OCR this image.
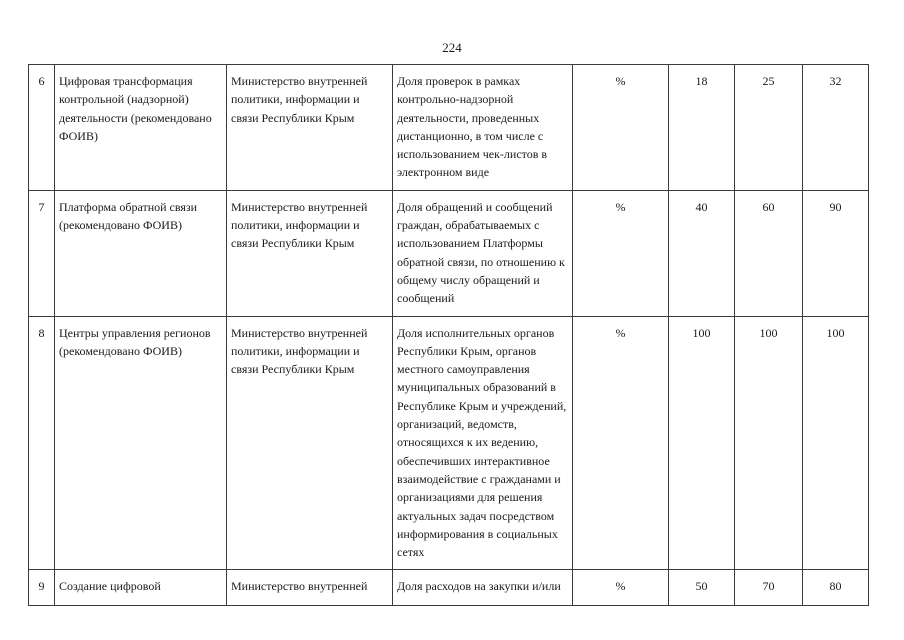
224
6	Цифровая трансформация контрольной (надзорной) деятельности (рекомендовано ФОИВ)	Министерство внутренней политики, информации и связи Республики Крым	Доля проверок в рамках контрольно-надзорной деятельности, проведенных дистанционно, в том числе с использованием чек-листов в электронном виде	%	18	25	32
7	Платформа обратной связи (рекомендовано ФОИВ)	Министерство внутренней политики, информации и связи Республики Крым	Доля обращений и сообщений граждан, обрабатываемых с использованием Платформы обратной связи, по отношению к общему числу обращений и сообщений	%	40	60	90
8	Центры управления регионов (рекомендовано ФОИВ)	Министерство внутренней политики, информации и связи Республики Крым	Доля исполнительных органов Республики Крым, органов местного самоуправления муниципальных образований в Республике Крым и учреждений, организаций, ведомств, относящихся к их ведению, обеспечивших интерактивное взаимодействие с гражданами и организациями для решения актуальных задач посредством информирования в социальных сетях	%	100	100	100
9	Создание цифровой	Министерство внутренней	Доля расходов на закупки и/или	%	50	70	80
